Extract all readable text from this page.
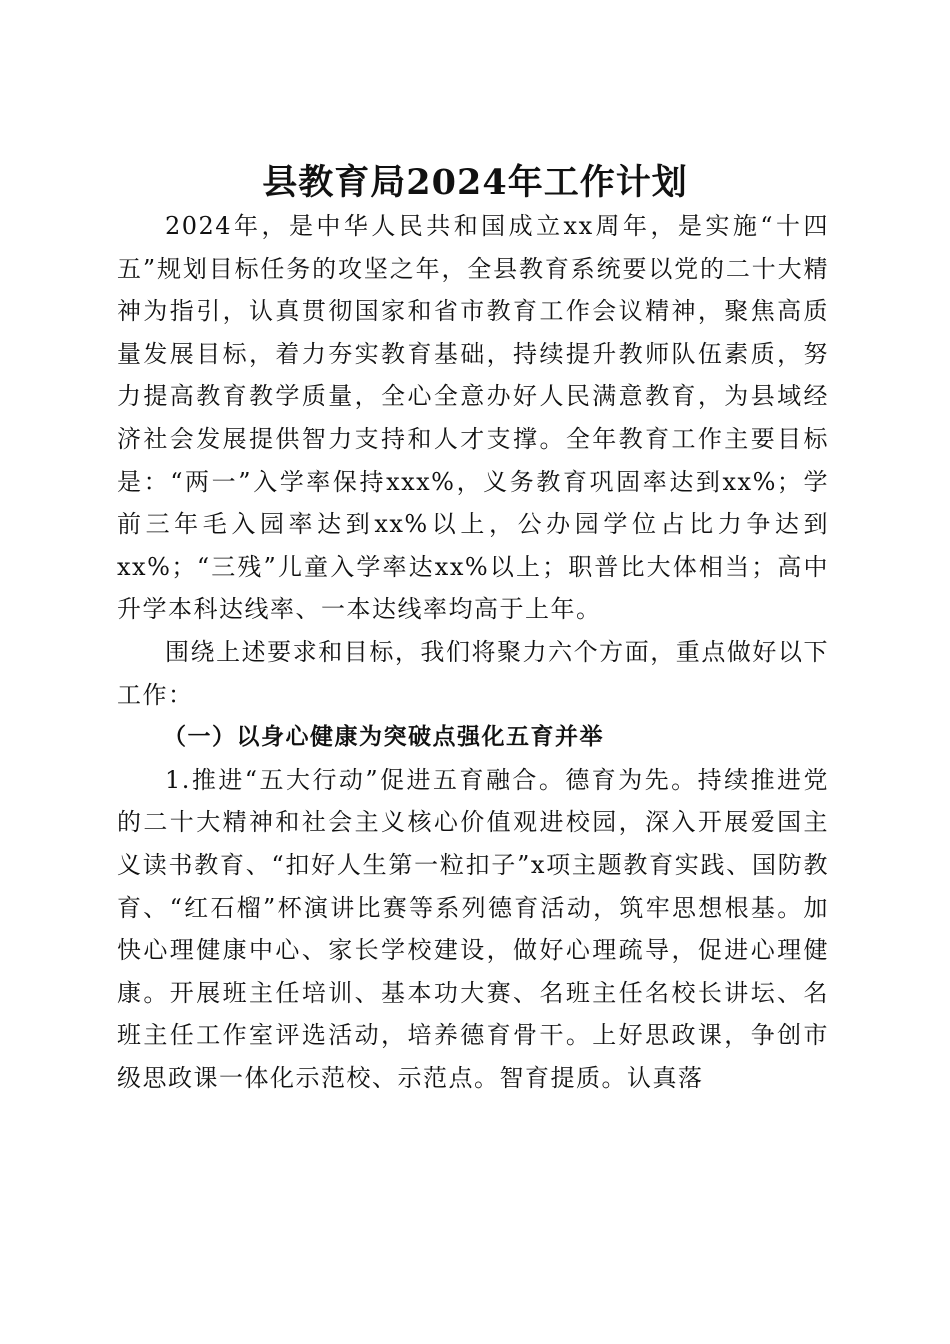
县教育局2024年工作计划

2024年，是中华人民共和国成立xx周年，是实施“十四五”规划目标任务的攻坚之年，全县教育系统要以党的二十大精神为指引，认真贯彻国家和省市教育工作会议精神，聚焦高质量发展目标，着力夯实教育基础，持续提升教师队伍素质，努力提高教育教学质量，全心全意办好人民满意教育，为县域经济社会发展提供智力支持和人才支撑。全年教育工作主要目标是：“两一”入学率保持xxx%，义务教育巩固率达到xx%；学前三年毛入园率达到xx%以上，公办园学位占比力争达到xx%；“三残”儿童入学率达xx%以上；职普比大体相当；高中升学本科达线率、一本达线率均高于上年。

围绕上述要求和目标，我们将聚力六个方面，重点做好以下工作：

（一）以身心健康为突破点强化五育并举

1.推进“五大行动”促进五育融合。德育为先。持续推进党的二十大精神和社会主义核心价值观进校园，深入开展爱国主义读书教育、“扣好人生第一粒扣子”x项主题教育实践、国防教育、“红石榴”杯演讲比赛等系列德育活动，筑牢思想根基。加快心理健康中心、家长学校建设，做好心理疏导，促进心理健康。开展班主任培训、基本功大赛、名班主任名校长讲坛、名班主任工作室评选活动，培养德育骨干。上好思政课，争创市级思政课一体化示范校、示范点。智育提质。认真落
